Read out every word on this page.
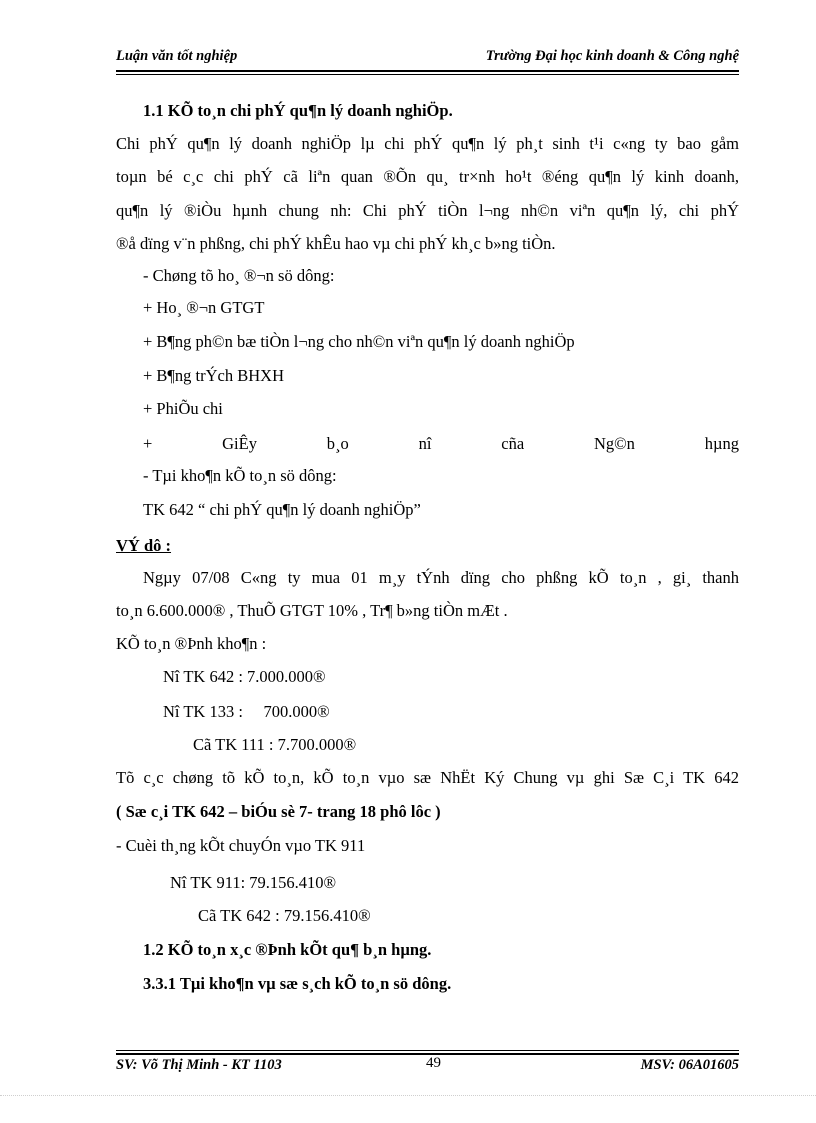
Luận văn tốt nghiệp	Trường Đại học kinh doanh & Công nghệ
1.1 KÕ to¸n chi phÝ qu¶n lý doanh nghiÖp.
Chi phÝ qu¶n lý doanh nghiÖp lµ chi phÝ qu¶n lý ph¸t sinh t¹i c«ng ty bao gåm
toµn bé c¸c chi phÝ cã liªn quan ®Õn qu¸ tr×nh ho¹t ®éng qu¶n lý kinh doanh,
qu¶n lý ®iÒu hµnh chung nh: Chi phÝ tiÒn l¬ng nh©n viªn qu¶n lý, chi phÝ
®å dïng v¨n phßng, chi phÝ khÊu hao vµ chi phÝ kh¸c b»ng tiÒn.
- Chøng tõ ho¸ ®¬n sö dông:
+ Ho¸ ®¬n GTGT
+ B¶ng ph©n bæ tiÒn l¬ng cho nh©n viªn qu¶n lý doanh nghiÖp
+ B¶ng trÝch BHXH
+ PhiÕu chi
+	GiÊy	b¸o	nî	cña	Ng©n	hµng
- Tµi kho¶n kÕ to¸n sö dông:
TK 642 “ chi phÝ qu¶n lý doanh nghiÖp”
VÝ dô :
Ngµy 07/08 C«ng ty mua 01 m¸y tÝnh dïng cho phßng kÕ to¸n , gi¸ thanh
to¸n 6.600.000® , ThuÕ GTGT 10% , Tr¶ b»ng tiÒn mÆt .
KÕ to¸n ®Þnh kho¶n :
Nî TK 642 : 7.000.000®
Nî TK 133 :     700.000®
Cã TK 111 : 7.700.000®
Tõ c¸c chøng tõ kÕ to¸n, kÕ to¸n vµo sæ NhËt Ký Chung vµ ghi Sæ C¸i TK 642
( Sæ c¸i TK 642 – biÓu sè 7- trang 18 phô lôc )
- Cuèi th¸ng kÕt chuyÓn vµo TK 911
Nî TK 911: 79.156.410®
Cã TK 642 : 79.156.410®
1.2 KÕ to¸n x¸c ®Þnh kÕt qu¶ b¸n hµng.
3.3.1 Tµi kho¶n vµ sæ s¸ch kÕ to¸n sö dông.
SV: Võ Thị Minh - KT 1103	49	MSV: 06A01605
